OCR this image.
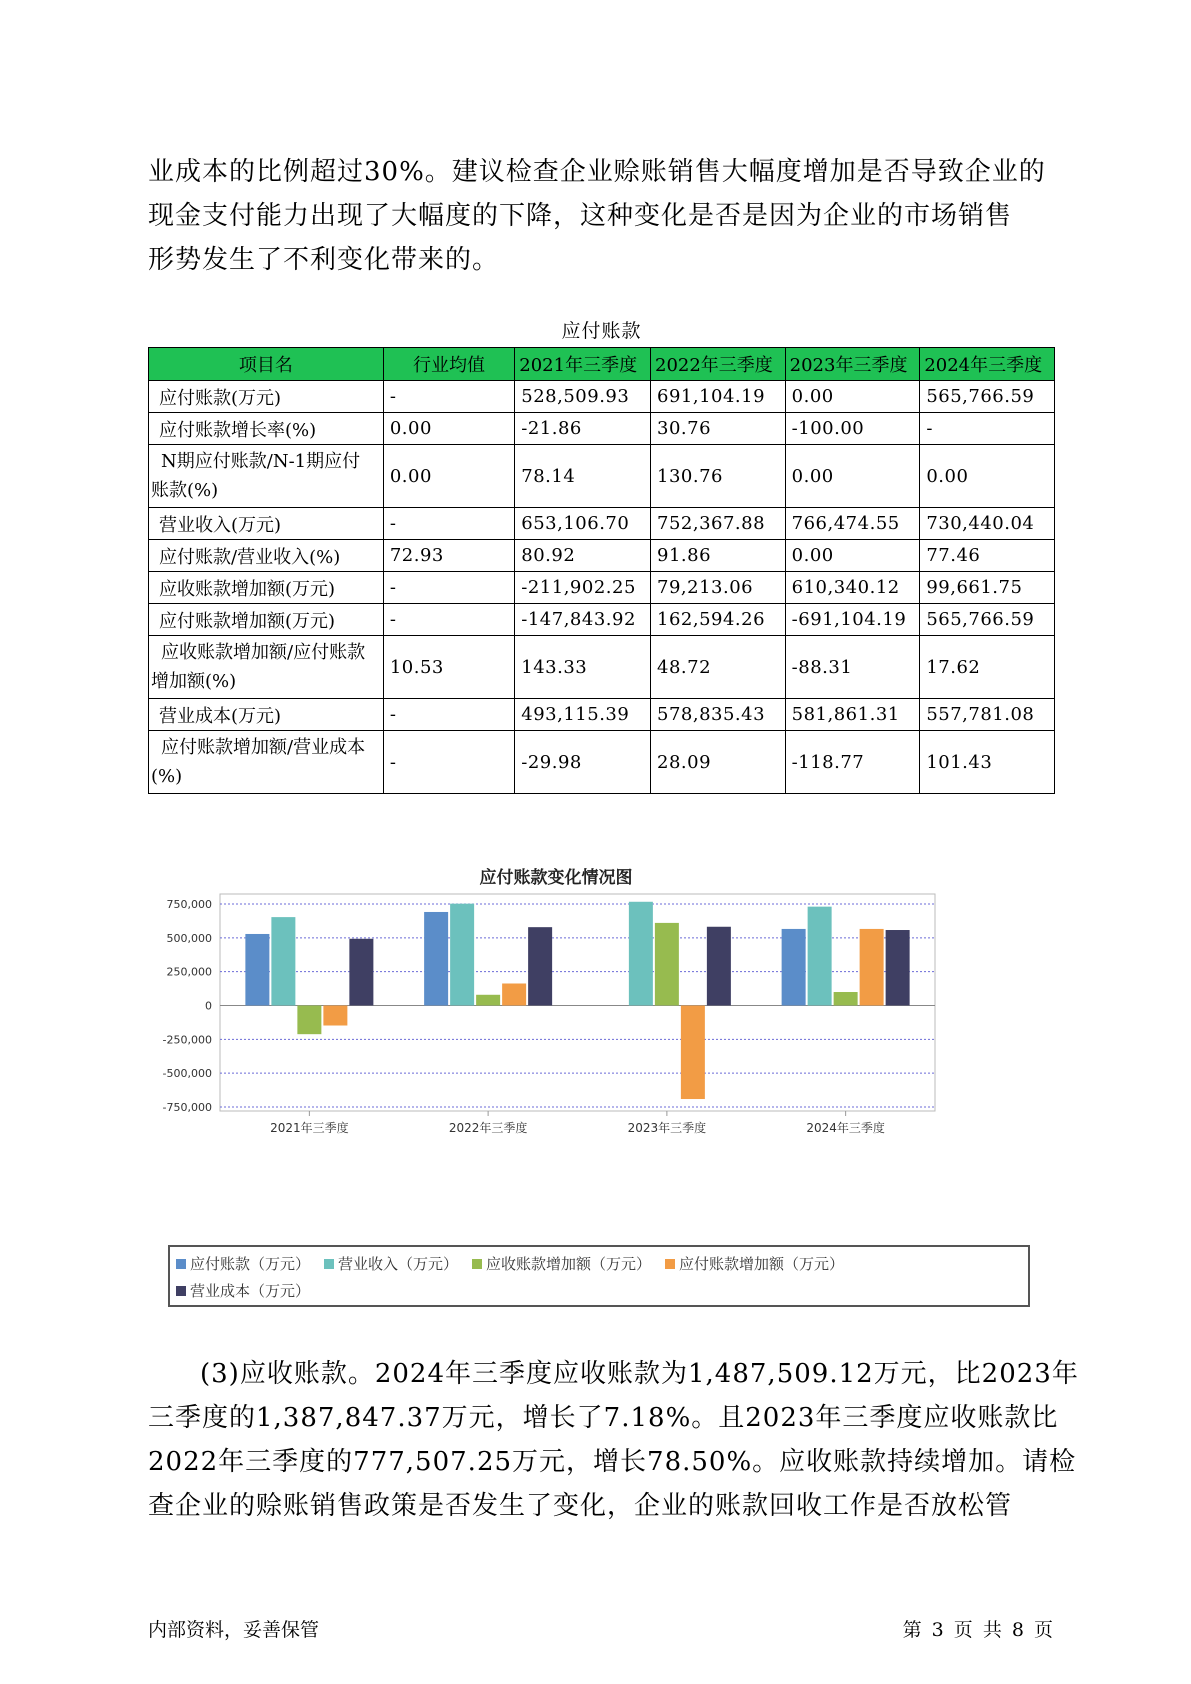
业成本的比例超过30%。建议检查企业赊账销售大幅度增加是否导致企业的
现金支付能力出现了大幅度的下降，这种变化是否是因为企业的市场销售
形势发生了不利变化带来的。
应付账款
项目名	行业均值	2021年三季度	2022年三季度	2023年三季度	2024年三季度
应付账款(万元)	-	528,509.93	691,104.19	0.00	565,766.59
应付账款增长率(%)	0.00	-21.86	30.76	-100.00	-
N期应付账款/N-1期应付账款(%)	0.00	78.14	130.76	0.00	0.00
营业收入(万元)	-	653,106.70	752,367.88	766,474.55	730,440.04
应付账款/营业收入(%)	72.93	80.92	91.86	0.00	77.46
应收账款增加额(万元)	-	-211,902.25	79,213.06	610,340.12	99,661.75
应付账款增加额(万元)	-	-147,843.92	162,594.26	-691,104.19	565,766.59
应收账款增加额/应付账款增加额(%)	10.53	143.33	48.72	-88.31	17.62
营业成本(万元)	-	493,115.39	578,835.43	581,861.31	557,781.08
应付账款增加额/营业成本(%)	-	-29.98	28.09	-118.77	101.43
应付账款变化情况图
750,000
500,000
250,000
0
-250,000
-500,000
-750,000
2021年三季度	2022年三季度	2023年三季度	2024年三季度
应付账款（万元） 营业收入（万元） 应收账款增加额（万元） 应付账款增加额（万元）
营业成本（万元）
(3)应收账款。2024年三季度应收账款为1,487,509.12万元，比2023年
三季度的1,387,847.37万元，增长了7.18%。且2023年三季度应收账款比
2022年三季度的777,507.25万元，增长78.50%。应收账款持续增加。请检
查企业的赊账销售政策是否发生了变化，企业的账款回收工作是否放松管
内部资料，妥善保管	第 3 页 共 8 页
